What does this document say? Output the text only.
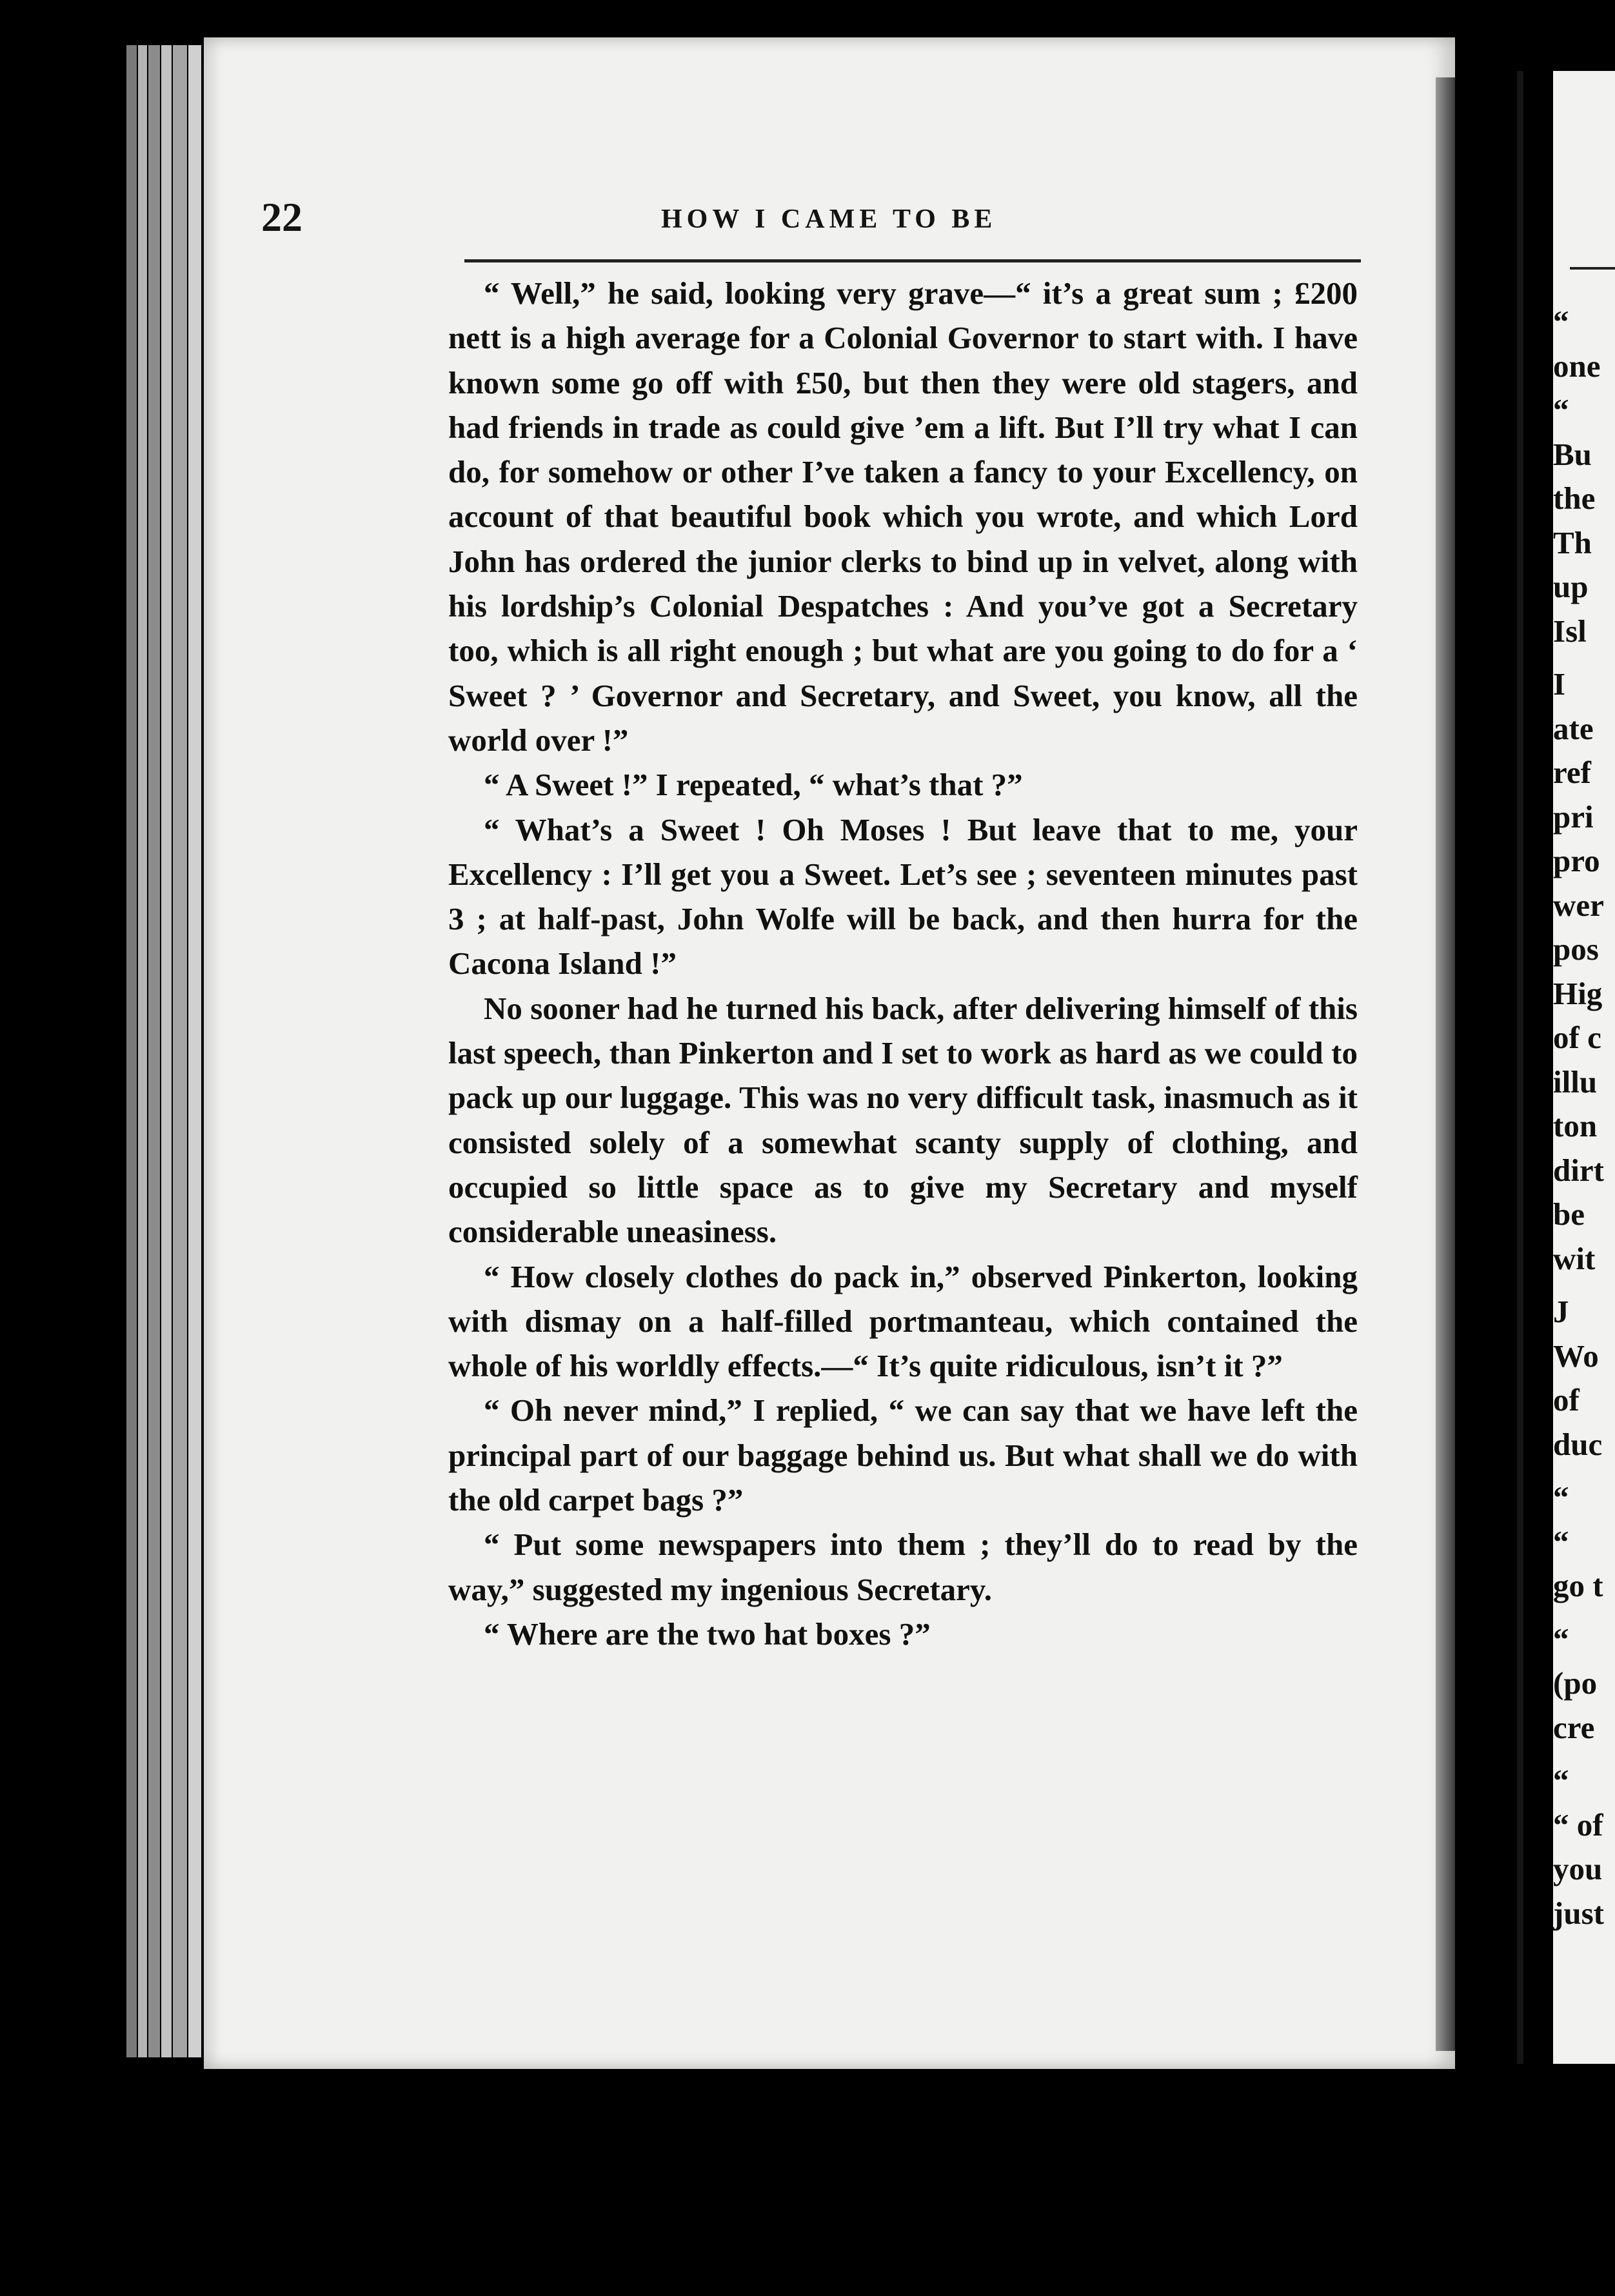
22	HOW I CAME TO BE

“ Well,” he said, looking very grave—“ it’s a great sum ; £200 nett is a high average for a Colonial Governor to start with. I have known some go off with £50, but then they were old stagers, and had friends in trade as could give ’em a lift. But I’ll try what I can do, for somehow or other I’ve taken a fancy to your Excellency, on account of that beautiful book which you wrote, and which Lord John has ordered the junior clerks to bind up in velvet, along with his lordship’s Colonial Despatches : And you’ve got a Secretary too, which is all right enough ; but what are you going to do for a ‘ Sweet ? ’ Governor and Secretary, and Sweet, you know, all the world over !”

“ A Sweet !” I repeated, “ what’s that ?”

“ What’s a Sweet ! Oh Moses ! But leave that to me, your Excellency : I’ll get you a Sweet. Let’s see ; seventeen minutes past 3 ; at half-past, John Wolfe will be back, and then hurra for the Cacona Island !”

No sooner had he turned his back, after delivering himself of this last speech, than Pinkerton and I set to work as hard as we could to pack up our luggage. This was no very difficult task, inasmuch as it consisted solely of a somewhat scanty supply of clothing, and occupied so little space as to give my Secretary and myself considerable uneasiness.

“ How closely clothes do pack in,” observed Pinkerton, looking with dismay on a half-filled portmanteau, which contained the whole of his worldly effects.—“ It’s quite ridiculous, isn’t it ?”

“ Oh never mind,” I replied, “ we can say that we have left the principal part of our baggage behind us. But what shall we do with the old carpet bags ?”

“ Put some newspapers into them ; they’ll do to read by the way,” suggested my ingenious Secretary.

“ Where are the two hat boxes ?”

“
one
“
Bu
the
Th
up
Isl
I
ate
ref
pri
pro
wer
pos
Hig
of c
illu
ton
dirt
be
wit
J
Wo
of
duc
“
“
go t
“
(po
cre
“
“ of
you
just
